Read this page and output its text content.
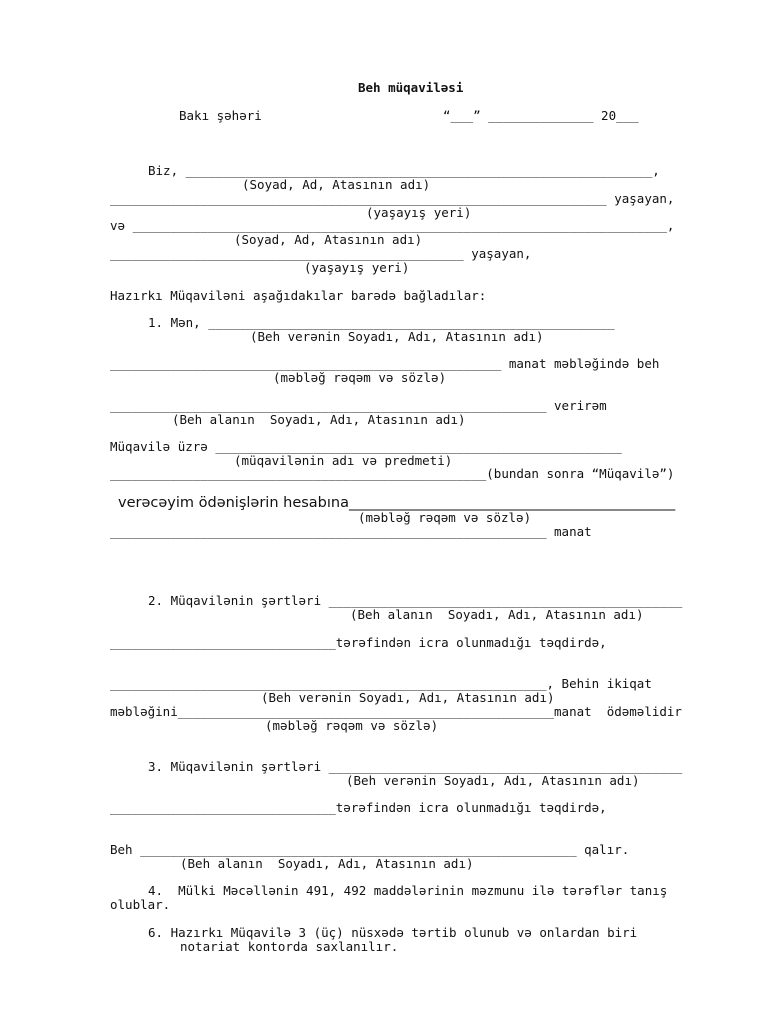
Beh müqaviləsi
Bakı şəhəri	“___” ______________ 20___
Biz, ______________________________________________________________,
(Soyad, Ad, Atasının adı)
__________________________________________________________________ yaşayan,
(yaşayış yeri)
və _______________________________________________________________________,
(Soyad, Ad, Atasının adı)
_______________________________________________ yaşayan,
(yaşayış yeri)
Hazırkı Müqaviləni aşağıdakılar barədə bağladılar:
1. Mən, ______________________________________________________
(Beh verənin Soyadı, Adı, Atasının adı)
____________________________________________________ manat məbləğində beh
(məbləğ rəqəm və sözlə)
__________________________________________________________ verirəm
(Beh alanın  Soyadı, Adı, Atasının adı)
Müqavilə üzrə ______________________________________________________
(müqavilənin adı və predmeti)
__________________________________________________(bundan sonra “Müqavilə”)
verəcəyim ödənişlərin hesabına_____________________________________________
(məbləğ rəqəm və sözlə)
__________________________________________________________ manat
2. Müqavilənin şərtləri _______________________________________________
(Beh alanın  Soyadı, Adı, Atasının adı)
______________________________tərəfindən icra olunmadığı təqdirdə,
__________________________________________________________, Behin ikiqat
(Beh verənin Soyadı, Adı, Atasının adı)
məbləğini__________________________________________________manat  ödəməlidir
(məbləğ rəqəm və sözlə)
3. Müqavilənin şərtləri _______________________________________________
(Beh verənin Soyadı, Adı, Atasının adı)
______________________________tərəfindən icra olunmadığı təqdirdə,
Beh __________________________________________________________ qalır.
(Beh alanın  Soyadı, Adı, Atasının adı)
4.  Mülki Məcəllənin 491, 492 maddələrinin məzmunu ilə tərəflər tanış
olublar.
6. Hazırkı Müqavilə 3 (üç) nüsxədə tərtib olunub və onlardan biri
notariat kontorda saxlanılır.
